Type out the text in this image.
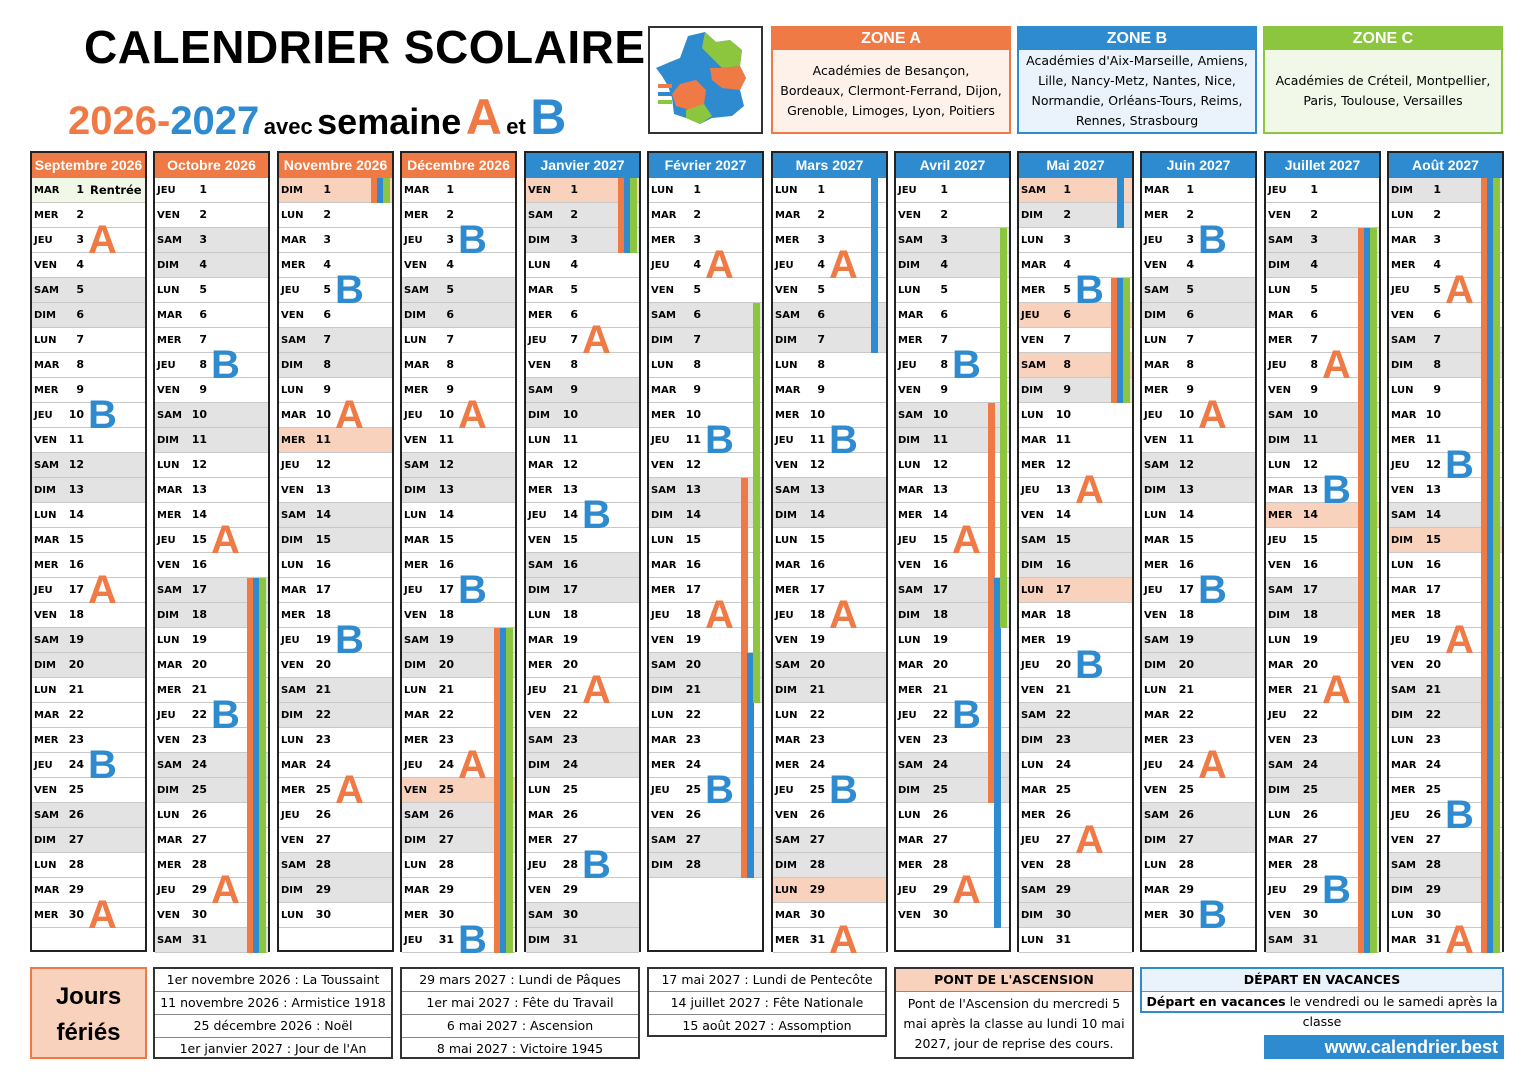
CALENDRIER SCOLAIRE
2026-2027 avec semaine A et B
ZONE A
Académies de Besançon, Bordeaux, Clermont-Ferrand, Dijon, Grenoble, Limoges, Lyon, Poitiers
ZONE B
Académies d'Aix-Marseille, Amiens, Lille, Nancy-Metz, Nantes, Nice, Normandie, Orléans-Tours, Reims, Rennes, Strasbourg
ZONE C
Académies de Créteil, Montpellier, Paris, Toulouse, Versailles
Septembre 2026
MAR 1 Rentrée
MER 2
JEU 3
VEN 4
SAM 5
DIM 6
LUN 7
MAR 8
MER 9
JEU 10
VEN 11
SAM 12
DIM 13
LUN 14
MAR 15
MER 16
JEU 17
VEN 18
SAM 19
DIM 20
LUN 21
MAR 22
MER 23
JEU 24
VEN 25
SAM 26
DIM 27
LUN 28
MAR 29
MER 30
A
B
A
B
A
Octobre 2026
JEU 1
VEN 2
SAM 3
DIM 4
LUN 5
MAR 6
MER 7
JEU 8
VEN 9
SAM 10
DIM 11
LUN 12
MAR 13
MER 14
JEU 15
VEN 16
SAM 17
DIM 18
LUN 19
MAR 20
MER 21
JEU 22
VEN 23
SAM 24
DIM 25
LUN 26
MAR 27
MER 28
JEU 29
VEN 30
SAM 31
B
A
B
A
Novembre 2026
DIM 1
LUN 2
MAR 3
MER 4
JEU 5
VEN 6
SAM 7
DIM 8
LUN 9
MAR 10
MER 11
JEU 12
VEN 13
SAM 14
DIM 15
LUN 16
MAR 17
MER 18
JEU 19
VEN 20
SAM 21
DIM 22
LUN 23
MAR 24
MER 25
JEU 26
VEN 27
SAM 28
DIM 29
LUN 30
B
A
B
A
Décembre 2026
MAR 1
MER 2
JEU 3
VEN 4
SAM 5
DIM 6
LUN 7
MAR 8
MER 9
JEU 10
VEN 11
SAM 12
DIM 13
LUN 14
MAR 15
MER 16
JEU 17
VEN 18
SAM 19
DIM 20
LUN 21
MAR 22
MER 23
JEU 24
VEN 25
SAM 26
DIM 27
LUN 28
MAR 29
MER 30
JEU 31
B
A
B
A
B
Janvier 2027
VEN 1
SAM 2
DIM 3
LUN 4
MAR 5
MER 6
JEU 7
VEN 8
SAM 9
DIM 10
LUN 11
MAR 12
MER 13
JEU 14
VEN 15
SAM 16
DIM 17
LUN 18
MAR 19
MER 20
JEU 21
VEN 22
SAM 23
DIM 24
LUN 25
MAR 26
MER 27
JEU 28
VEN 29
SAM 30
DIM 31
A
B
A
B
Février 2027
LUN 1
MAR 2
MER 3
JEU 4
VEN 5
SAM 6
DIM 7
LUN 8
MAR 9
MER 10
JEU 11
VEN 12
SAM 13
DIM 14
LUN 15
MAR 16
MER 17
JEU 18
VEN 19
SAM 20
DIM 21
LUN 22
MAR 23
MER 24
JEU 25
VEN 26
SAM 27
DIM 28
A
B
A
B
Mars 2027
LUN 1
MAR 2
MER 3
JEU 4
VEN 5
SAM 6
DIM 7
LUN 8
MAR 9
MER 10
JEU 11
VEN 12
SAM 13
DIM 14
LUN 15
MAR 16
MER 17
JEU 18
VEN 19
SAM 20
DIM 21
LUN 22
MAR 23
MER 24
JEU 25
VEN 26
SAM 27
DIM 28
LUN 29
MAR 30
MER 31
A
B
A
B
A
Avril 2027
JEU 1
VEN 2
SAM 3
DIM 4
LUN 5
MAR 6
MER 7
JEU 8
VEN 9
SAM 10
DIM 11
LUN 12
MAR 13
MER 14
JEU 15
VEN 16
SAM 17
DIM 18
LUN 19
MAR 20
MER 21
JEU 22
VEN 23
SAM 24
DIM 25
LUN 26
MAR 27
MER 28
JEU 29
VEN 30
B
A
B
A
Mai 2027
SAM 1
DIM 2
LUN 3
MAR 4
MER 5
JEU 6
VEN 7
SAM 8
DIM 9
LUN 10
MAR 11
MER 12
JEU 13
VEN 14
SAM 15
DIM 16
LUN 17
MAR 18
MER 19
JEU 20
VEN 21
SAM 22
DIM 23
LUN 24
MAR 25
MER 26
JEU 27
VEN 28
SAM 29
DIM 30
LUN 31
B
A
B
A
Juin 2027
MAR 1
MER 2
JEU 3
VEN 4
SAM 5
DIM 6
LUN 7
MAR 8
MER 9
JEU 10
VEN 11
SAM 12
DIM 13
LUN 14
MAR 15
MER 16
JEU 17
VEN 18
SAM 19
DIM 20
LUN 21
MAR 22
MER 23
JEU 24
VEN 25
SAM 26
DIM 27
LUN 28
MAR 29
MER 30
B
A
B
A
B
Juillet 2027
JEU 1
VEN 2
SAM 3
DIM 4
LUN 5
MAR 6
MER 7
JEU 8
VEN 9
SAM 10
DIM 11
LUN 12
MAR 13
MER 14
JEU 15
VEN 16
SAM 17
DIM 18
LUN 19
MAR 20
MER 21
JEU 22
VEN 23
SAM 24
DIM 25
LUN 26
MAR 27
MER 28
JEU 29
VEN 30
SAM 31
A
B
A
B
Août 2027
DIM 1
LUN 2
MAR 3
MER 4
JEU 5
VEN 6
SAM 7
DIM 8
LUN 9
MAR 10
MER 11
JEU 12
VEN 13
SAM 14
DIM 15
LUN 16
MAR 17
MER 18
JEU 19
VEN 20
SAM 21
DIM 22
LUN 23
MAR 24
MER 25
JEU 26
VEN 27
SAM 28
DIM 29
LUN 30
MAR 31
A
B
A
B
A
Jours
fériés
1er novembre 2026 : La Toussaint
11 novembre 2026 : Armistice 1918
25 décembre 2026 : Noël
1er janvier 2027 : Jour de l'An
29 mars 2027 : Lundi de Pâques
1er mai 2027 : Fête du Travail
6 mai 2027 : Ascension
8 mai 2027 : Victoire 1945
17 mai 2027 : Lundi de Pentecôte
14 juillet 2027 : Fête Nationale
15 août 2027 : Assomption
PONT DE L'ASCENSION
Pont de l'Ascension du mercredi 5 mai après la classe au lundi 10 mai 2027, jour de reprise des cours.
DÉPART EN VACANCES
Départ en vacances le vendredi ou le samedi après la classe
www.calendrier.best
